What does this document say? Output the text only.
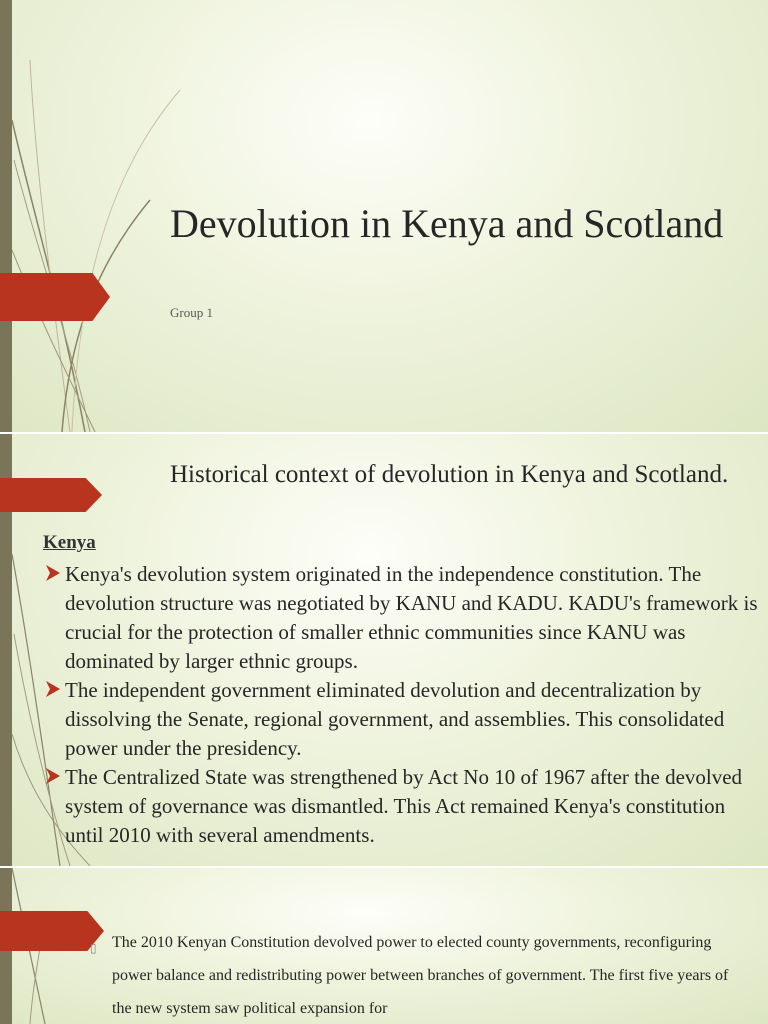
Devolution in Kenya and Scotland
Group 1
Historical context of devolution in Kenya and Scotland.
Kenya
Kenya's devolution system originated in the independence constitution. The devolution structure was negotiated by KANU and KADU. KADU's framework is crucial for the protection of smaller ethnic communities since KANU was dominated by larger ethnic groups.
The independent government eliminated devolution and decentralization by dissolving the Senate, regional government, and assemblies. This consolidated power under the presidency.
The Centralized State was strengthened by Act No 10 of 1967 after the devolved system of governance was dismantled. This Act remained Kenya's constitution until 2010 with several amendments.
▯ The 2010 Kenyan Constitution devolved power to elected county governments, reconfiguring power balance and redistributing power between branches of government. The first five years of the new system saw political expansion for
